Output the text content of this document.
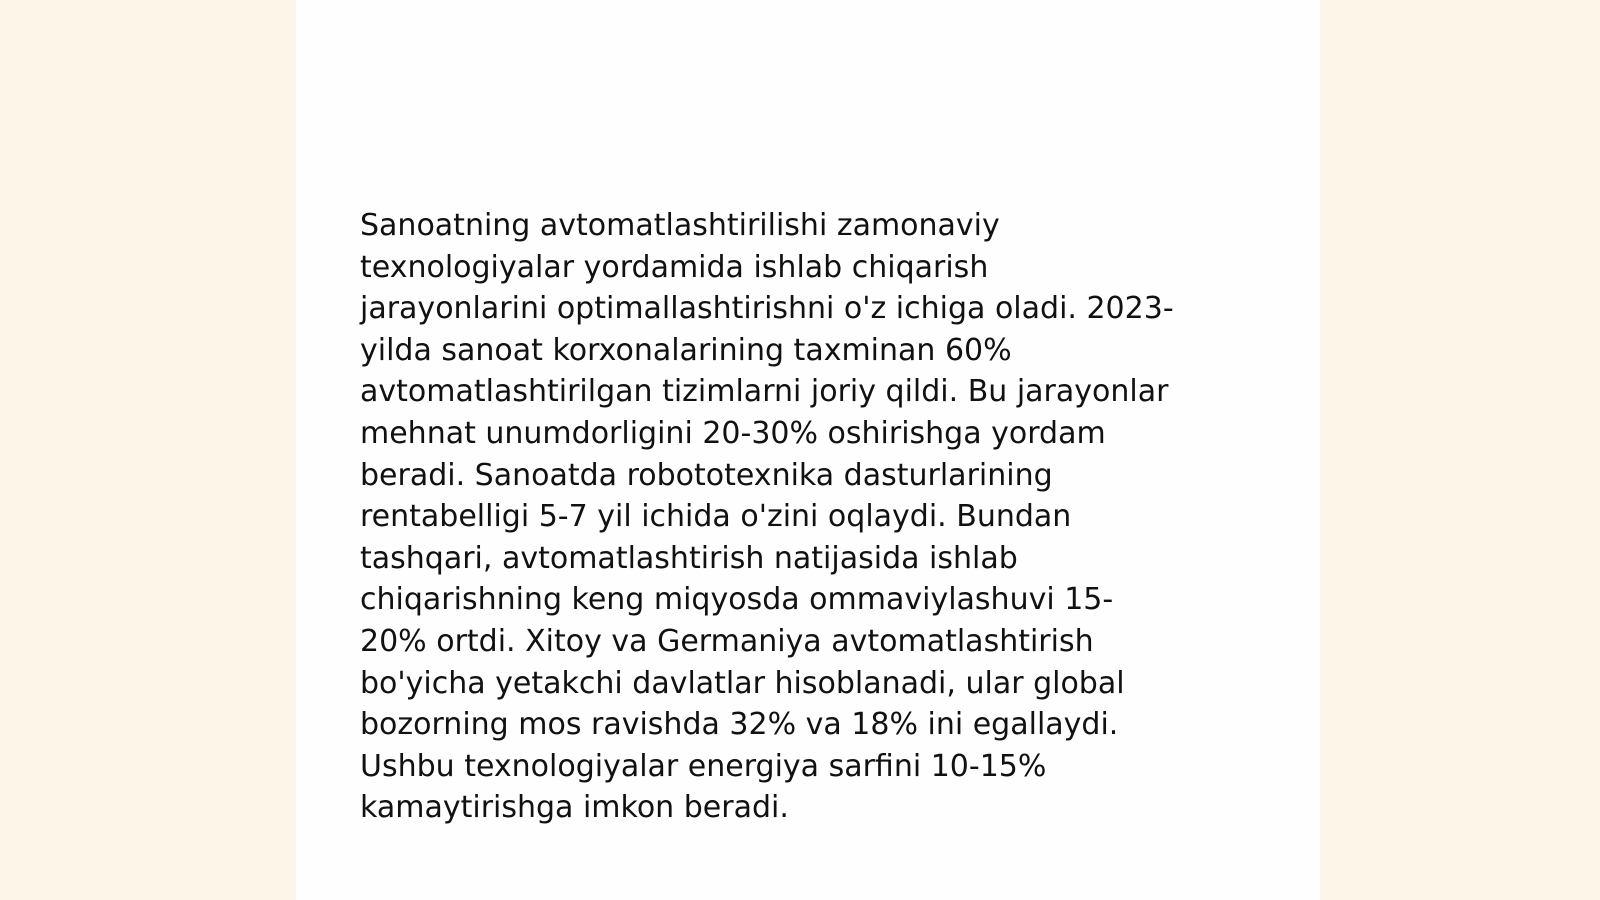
Sanoatning avtomatlashtirilishi zamonaviy
texnologiyalar yordamida ishlab chiqarish
jarayonlarini optimallashtirishni o'z ichiga oladi. 2023-
yilda sanoat korxonalarining taxminan 60%
avtomatlashtirilgan tizimlarni joriy qildi. Bu jarayonlar
mehnat unumdorligini 20-30% oshirishga yordam
beradi. Sanoatda robototexnika dasturlarining
rentabelligi 5-7 yil ichida o'zini oqlaydi. Bundan
tashqari, avtomatlashtirish natijasida ishlab
chiqarishning keng miqyosda ommaviylashuvi 15-
20% ortdi. Xitoy va Germaniya avtomatlashtirish
bo'yicha yetakchi davlatlar hisoblanadi, ular global
bozorning mos ravishda 32% va 18% ini egallaydi.
Ushbu texnologiyalar energiya sarfini 10-15%
kamaytirishga imkon beradi.
